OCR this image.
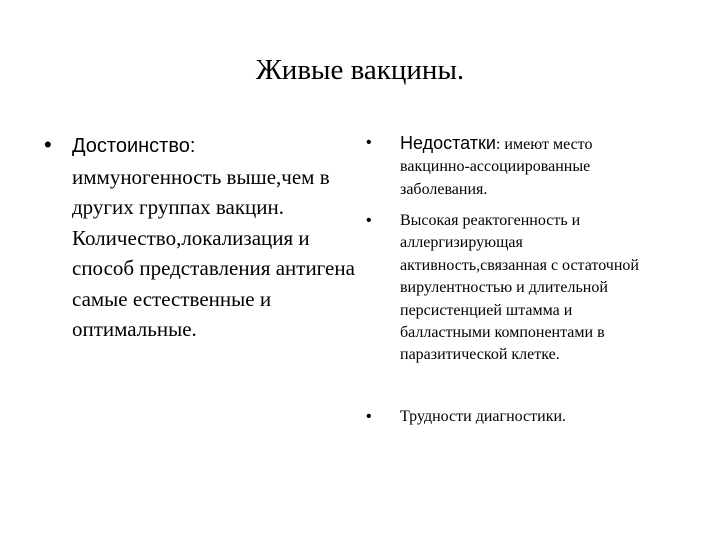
Живые вакцины.
• Достоинство:
иммуногенность выше,чем в других группах вакцин. Количество,локализация и способ представления антигена самые естественные и оптимальные.
• Недостатки: имеют место вакцинно-ассоциированные заболевания.
• Высокая реактогенность и аллергизирующая активность,связанная с остаточной вирулентностью и длительной персистенцией штамма и балластными компонентами в паразитической клетке.
• Трудности диагностики.
